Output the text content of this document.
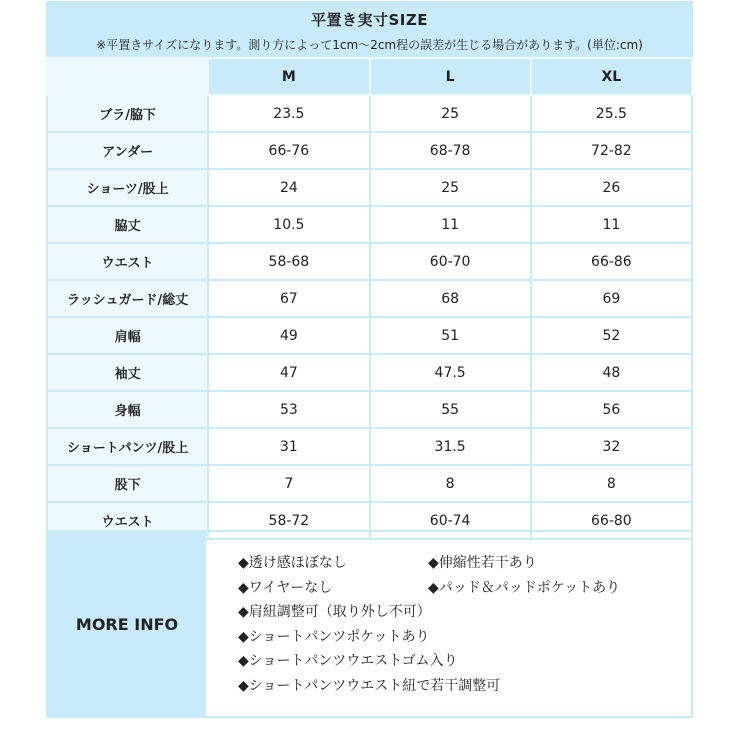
平置き実寸SIZE
※平置きサイズになります。測り方によって1cm～2cm程の誤差が生じる場合があります。(単位:cm)
	M	L	XL
ブラ/脇下	23.5	25	25.5
アンダー	66-76	68-78	72-82
ショーツ/股上	24	25	26
脇丈	10.5	11	11
ウエスト	58-68	60-70	66-86
ラッシュガード/総丈	67	68	69
肩幅	49	51	52
袖丈	47	47.5	48
身幅	53	55	56
ショートパンツ/股上	31	31.5	32
股下	7	8	8
ウエスト	58-72	60-74	66-80
MORE INFO
◆透け感ほぼなし	◆伸縮性若干あり
◆ワイヤーなし	◆パッド＆パッドポケットあり
◆肩紐調整可（取り外し不可）
◆ショートパンツポケットあり
◆ショートパンツウエストゴム入り
◆ショートパンツウエスト紐で若干調整可
